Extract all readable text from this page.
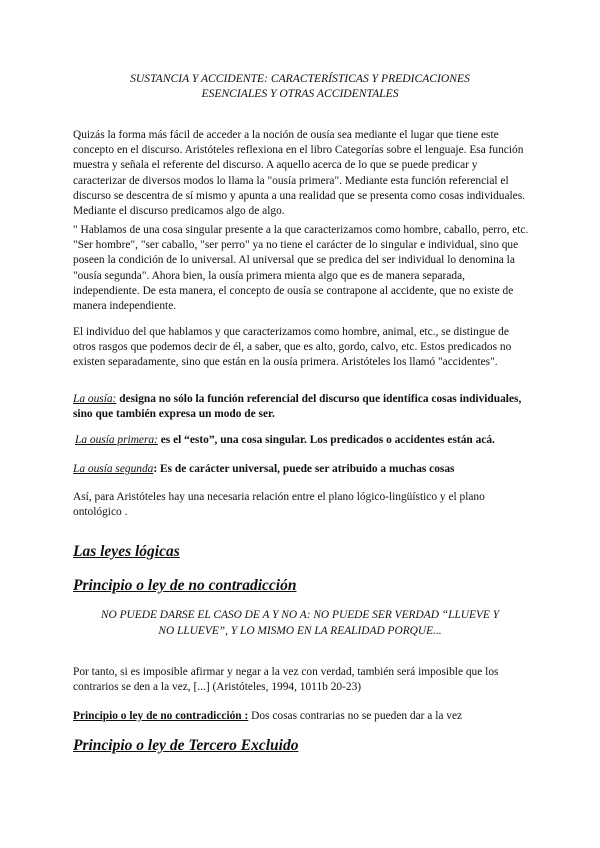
SUSTANCIA Y ACCIDENTE: CARACTERÍSTICAS Y PREDICACIONES
ESENCIALES Y OTRAS ACCIDENTALES

Quizás la forma más fácil de acceder a la noción de ousía sea mediante el lugar que tiene este concepto en el discurso. Aristóteles reflexiona en el libro Categorías sobre el lenguaje. Esa función muestra y señala el referente del discurso. A aquello acerca de lo que se puede predicar y caracterizar de diversos modos lo llama la "ousía primera". Mediante esta función referencial el discurso se descentra de sí mismo y apunta a una realidad que se presenta como cosas individuales. Mediante el discurso predicamos algo de algo.

" Hablamos de una cosa singular presente a la que caracterizamos como hombre, caballo, perro, etc. "Ser hombre", "ser caballo, "ser perro" ya no tiene el carácter de lo singular e individual, sino que poseen la condición de lo universal. Al universal que se predica del ser individual lo denomina la "ousía segunda". Ahora bien, la ousía primera mienta algo que es de manera separada, independiente. De esta manera, el concepto de ousía se contrapone al accidente, que no existe de manera independiente.

El individuo del que hablamos y que caracterizamos como hombre, animal, etc., se distingue de otros rasgos que podemos decir de él, a saber, que es alto, gordo, calvo, etc. Estos predicados no existen separadamente, sino que están en la ousía primera. Aristóteles los llamó "accidentes".

La ousía: designa no sólo la función referencial del discurso que identifica cosas individuales, sino que también expresa un modo de ser.

La ousía primera: es el “esto”, una cosa singular. Los predicados o accidentes están acá.

La ousía segunda: Es de carácter universal, puede ser atribuido a muchas cosas

Así, para Aristóteles hay una necesaria relación entre el plano lógico-lingüístico y el plano ontológico .

Las leyes lógicas
Principio o ley de no contradicción
NO PUEDE DARSE EL CASO DE A Y NO A: NO PUEDE SER VERDAD “LLUEVE Y
NO LLUEVE”, Y LO MISMO EN LA REALIDAD PORQUE...

Por tanto, si es imposible afirmar y negar a la vez con verdad, también será imposible que los contrarios se den a la vez, [...] (Aristóteles, 1994, 1011b 20-23)

Principio o ley de no contradicción : Dos cosas contrarias no se pueden dar a la vez

Principio o ley de Tercero Excluido
